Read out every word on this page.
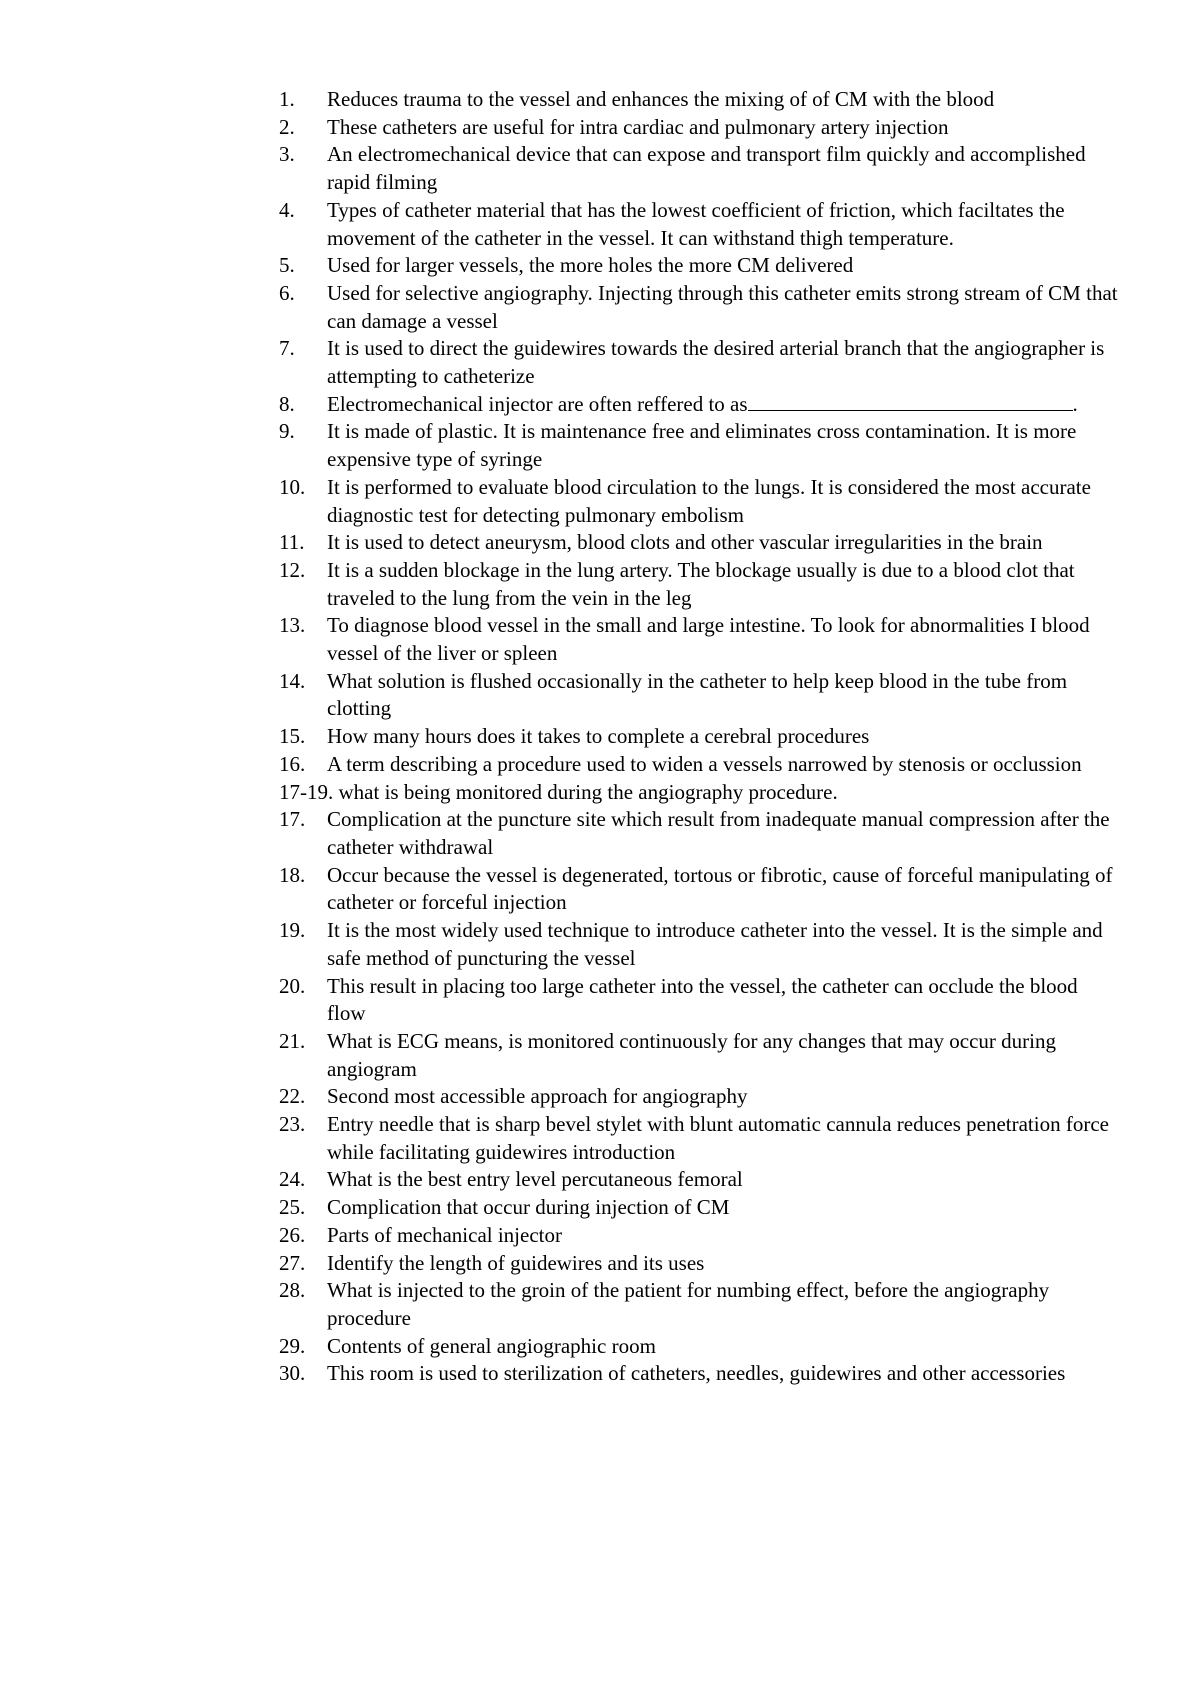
1. Reduces trauma to the vessel and enhances the mixing of of CM with the blood
2. These catheters are useful for intra cardiac and pulmonary artery injection
3. An electromechanical device that can expose and transport film quickly and accomplished rapid filming
4. Types of catheter material that has the lowest coefficient of friction, which faciltates the movement of the catheter in the vessel. It can withstand thigh temperature.
5. Used for larger vessels, the more holes the more CM delivered
6. Used for selective angiography. Injecting through this catheter emits strong stream of CM that can damage a vessel
7. It is used to direct the guidewires towards the desired arterial branch that the angiographer is attempting to catheterize
8. Electromechanical injector are often reffered to as	.
9. It is made of plastic. It is maintenance free and eliminates cross contamination. It is more expensive type of syringe
10. It is performed to evaluate blood circulation to the lungs. It is considered the most accurate diagnostic test for detecting pulmonary embolism
11. It is used to detect aneurysm, blood clots and other vascular irregularities in the brain
12. It is a sudden blockage in the lung artery. The blockage usually is due to a blood clot that traveled to the lung from the vein in the leg
13. To diagnose blood vessel in the small and large intestine. To look for abnormalities I blood vessel of the liver or spleen
14. What solution is flushed occasionally in the catheter to help keep blood in the tube from clotting
15. How many hours does it takes to complete a cerebral procedures
16. A term describing a procedure used to widen a vessels narrowed by stenosis or occlussion
17-19. what is being monitored during the angiography procedure.
17. Complication at the puncture site which result from inadequate manual compression after the catheter withdrawal
18. Occur because the vessel is degenerated, tortous or fibrotic, cause of forceful manipulating of catheter or forceful injection
19. It is the most widely used technique to introduce catheter into the vessel. It is the simple and safe method of puncturing the vessel
20. This result in placing too large catheter into the vessel, the catheter can occlude the blood flow
21. What is ECG means, is monitored continuously for any changes that may occur during angiogram
22. Second most accessible approach for angiography
23. Entry needle that is sharp bevel stylet with blunt automatic cannula reduces penetration force while facilitating guidewires introduction
24. What is the best entry level percutaneous femoral
25. Complication that occur during injection of CM
26. Parts of mechanical injector
27. Identify the length of guidewires and its uses
28. What is injected to the groin of the patient for numbing effect, before the angiography procedure
29. Contents of general angiographic room
30. This room is used to sterilization of catheters, needles, guidewires and other accessories
